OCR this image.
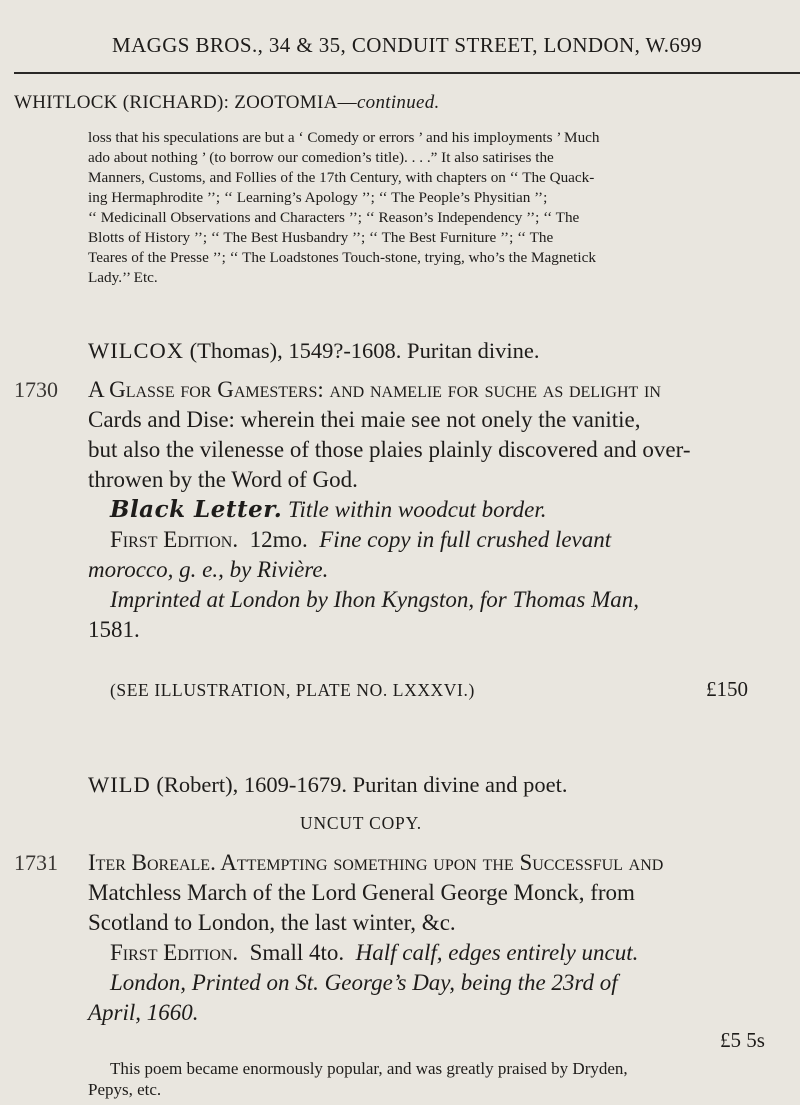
MAGGS BROS., 34 & 35, CONDUIT STREET, LONDON, W. 699
WHITLOCK (RICHARD): ZOOTOMIA—continued.
loss that his speculations are but a ‘ Comedy or errors ’ and his imployments ’ Much
ado about nothing ’ (to borrow our comedion’s title). . . .” It also satirises the
Manners, Customs, and Follies of the 17th Century, with chapters on ‘‘ The Quack-
ing Hermaphrodite ’’; ‘‘ Learning’s Apology ’’; ‘‘ The People’s Physitian ’’;
‘‘ Medicinall Observations and Characters ’’; ‘‘ Reason’s Independency ’’; ‘‘ The
Blotts of History ’’; ‘‘ The Best Husbandry ’’; ‘‘ The Best Furniture ’’; ‘‘ The
Teares of the Presse ’’; ‘‘ The Loadstones Touch-stone, trying, who’s the Magnetick
Lady.’’ Etc.
WILCOX (Thomas), 1549?-1608. Puritan divine.
1730 A Glasse for Gamesters: and namelie for suche as delight in
Cards and Dise: wherein thei maie see not onely the vanitie,
but also the vilenesse of those plaies plainly discovered and over-
throwen by the Word of God.
Black Letter. Title within woodcut border.
First Edition. 12mo. Fine copy in full crushed levant
morocco, g. e., by Rivière.
Imprinted at London by Ihon Kyngston, for Thomas Man,
1581.
(SEE ILLUSTRATION, PLATE NO. LXXXVI.)	£150
WILD (Robert), 1609-1679. Puritan divine and poet.
UNCUT COPY.
1731 Iter Boreale. Attempting something upon the Successful and
Matchless March of the Lord General George Monck, from
Scotland to London, the last winter, &c.
First Edition. Small 4to. Half calf, edges entirely uncut.
London, Printed on St. George’s Day, being the 23rd of
April, 1660.
£5 5s
This poem became enormously popular, and was greatly praised by Dryden,
Pepys, etc.
